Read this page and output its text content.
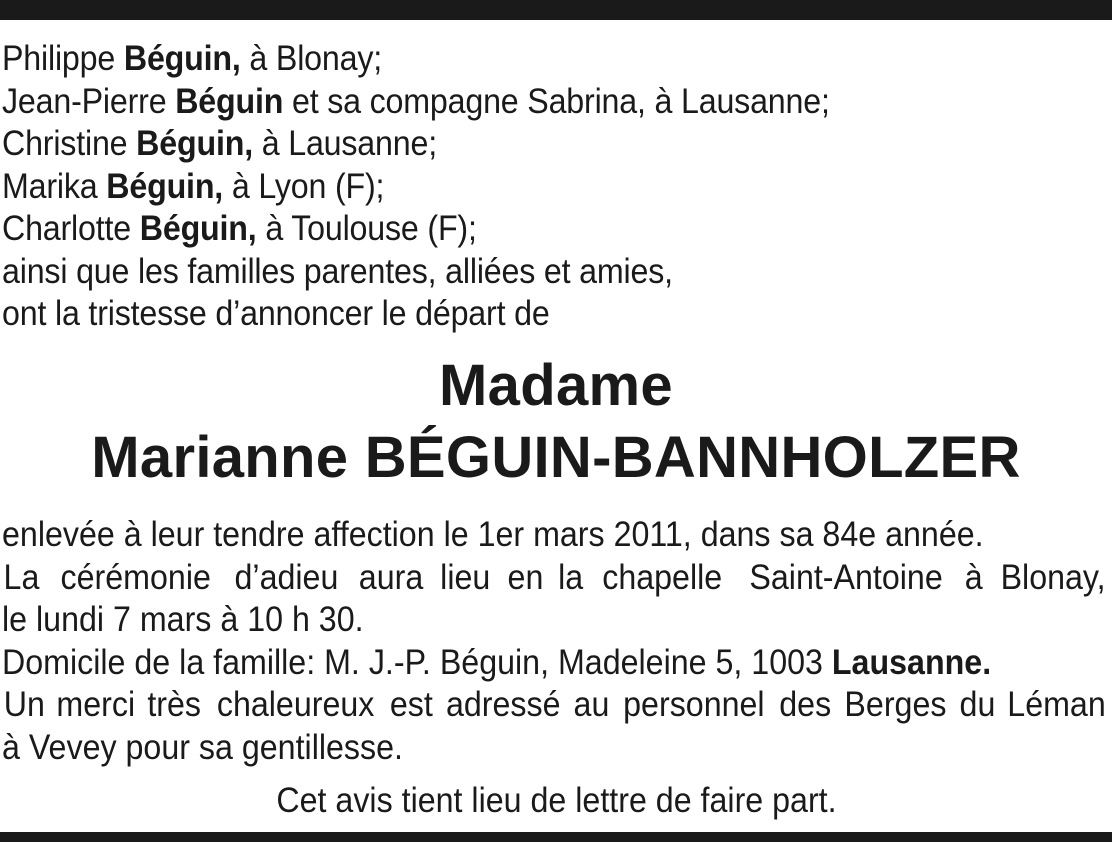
Philippe Béguin, à Blonay;
Jean-Pierre Béguin et sa compagne Sabrina, à Lausanne;
Christine Béguin, à Lausanne;
Marika Béguin, à Lyon (F);
Charlotte Béguin, à Toulouse (F);
ainsi que les familles parentes, alliées et amies,
ont la tristesse d’annoncer le départ de
Madame
Marianne BÉGUIN-BANNHOLZER
enlevée à leur tendre affection le 1er mars 2011, dans sa 84e année.
La cérémonie d’adieu aura lieu en la chapelle Saint-Antoine à Blonay,
le lundi 7 mars à 10 h 30.
Domicile de la famille: M. J.-P. Béguin, Madeleine 5, 1003 Lausanne.
Un merci très chaleureux est adressé au personnel des Berges du Léman
à Vevey pour sa gentillesse.
Cet avis tient lieu de lettre de faire part.
